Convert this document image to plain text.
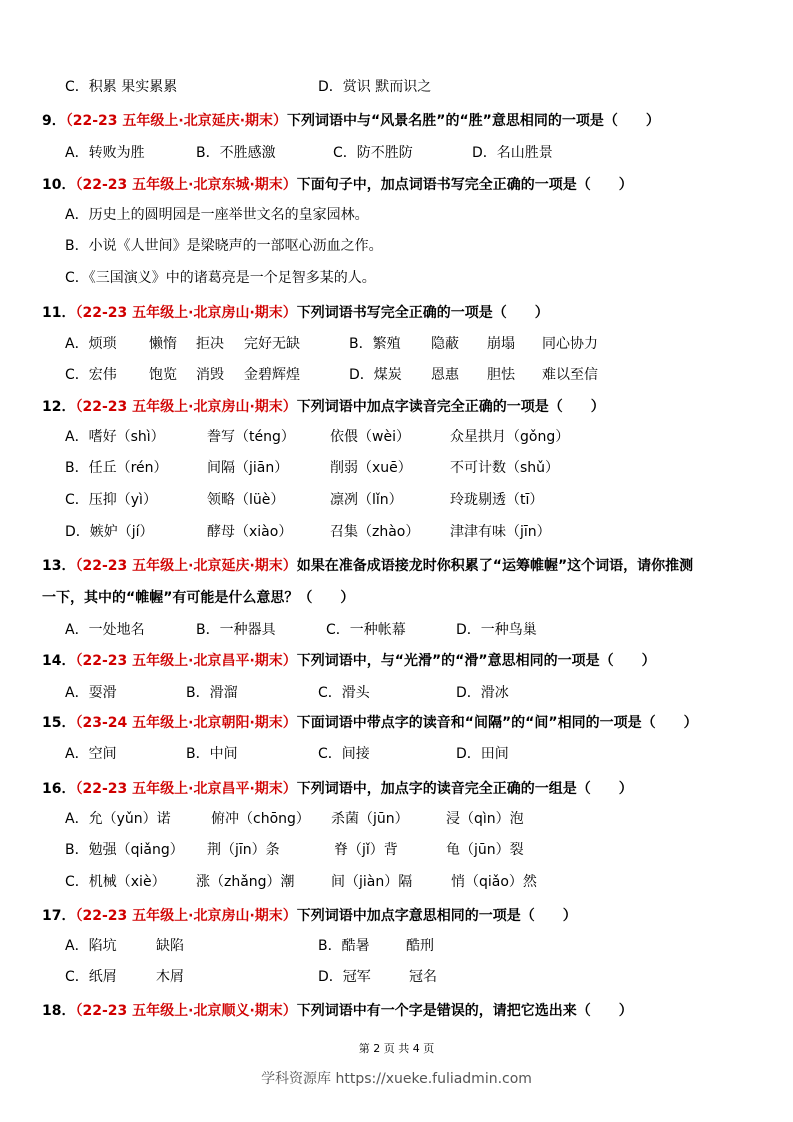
C．积累 果实累累	D．赏识 默而识之
9．（22-23 五年级上·北京延庆·期末）下列词语中与“风景名胜”的“胜”意思相同的一项是（　　）
A．转败为胜	B．不胜感激	C．防不胜防	D．名山胜景
10．（22-23 五年级上·北京东城·期末）下面句子中，加点词语书写完全正确的一项是（　　）
A．历史上的圆明园是一座举世文名的皇家园林。
B．小说《人世间》是梁晓声的一部呕心沥血之作。
C．《三国演义》中的诸葛亮是一个足智多某的人。
11．（22-23 五年级上·北京房山·期末）下列词语书写完全正确的一项是（　　）
A．烦琐 懒惰 拒决 完好无缺	B．繁殖 隐蔽 崩塌 同心协力
C．宏伟 饱览 消毁 金碧辉煌	D．煤炭 恩惠 胆怯 难以至信
12．（22-23 五年级上·北京房山·期末）下列词语中加点字读音完全正确的一项是（　　）
A．嗜好（shì）	誊写（téng）	依偎（wèi）	众星拱月（gǒng）
B．任丘（rén）	间隔（jiān）	削弱（xuē）	不可计数（shǔ）
C．压抑（yì）	领略（lüè）	凛冽（lǐn）	玲珑剔透（tī）
D．嫉妒（jí）	酵母（xiào）	召集（zhào） 津津有味（jīn）
13．（22-23 五年级上·北京延庆·期末）如果在准备成语接龙时你积累了“运筹帷幄”这个词语，请你推测
一下，其中的“帷幄”有可能是什么意思？（　　）
A．一处地名	B．一种器具	C．一种帐幕	D．一种鸟巢
14．（22-23 五年级上·北京昌平·期末）下列词语中，与“光滑”的“滑”意思相同的一项是（　　）
A．耍滑	B．滑溜	C．滑头	D．滑冰
15．（23-24 五年级上·北京朝阳·期末）下面词语中带点字的读音和“间隔”的“间”相同的一项是（　　）
A．空间	B．中间	C．间接	D．田间
16．（22-23 五年级上·北京昌平·期末）下列词语中，加点字的读音完全正确的一组是（　　）
A．允（yǔn）诺	俯冲（chōng） 杀菌（jūn）	浸（qìn）泡
B．勉强（qiǎng） 荆（jīn）条	脊（jǐ）背	龟（jūn）裂
C．机械（xiè） 涨（zhǎng）潮	间（jiàn）隔	悄（qiǎo）然
17．（22-23 五年级上·北京房山·期末）下列词语中加点字意思相同的一项是（　　）
A．陷坑	缺陷	B．酷暑	酷刑
C．纸屑	木屑	D．冠军	冠名
18．（22-23 五年级上·北京顺义·期末）下列词语中有一个字是错误的，请把它选出来（　　）
第 2 页 共 4 页
学科资源库 https://xueke.fuliadmin.com
